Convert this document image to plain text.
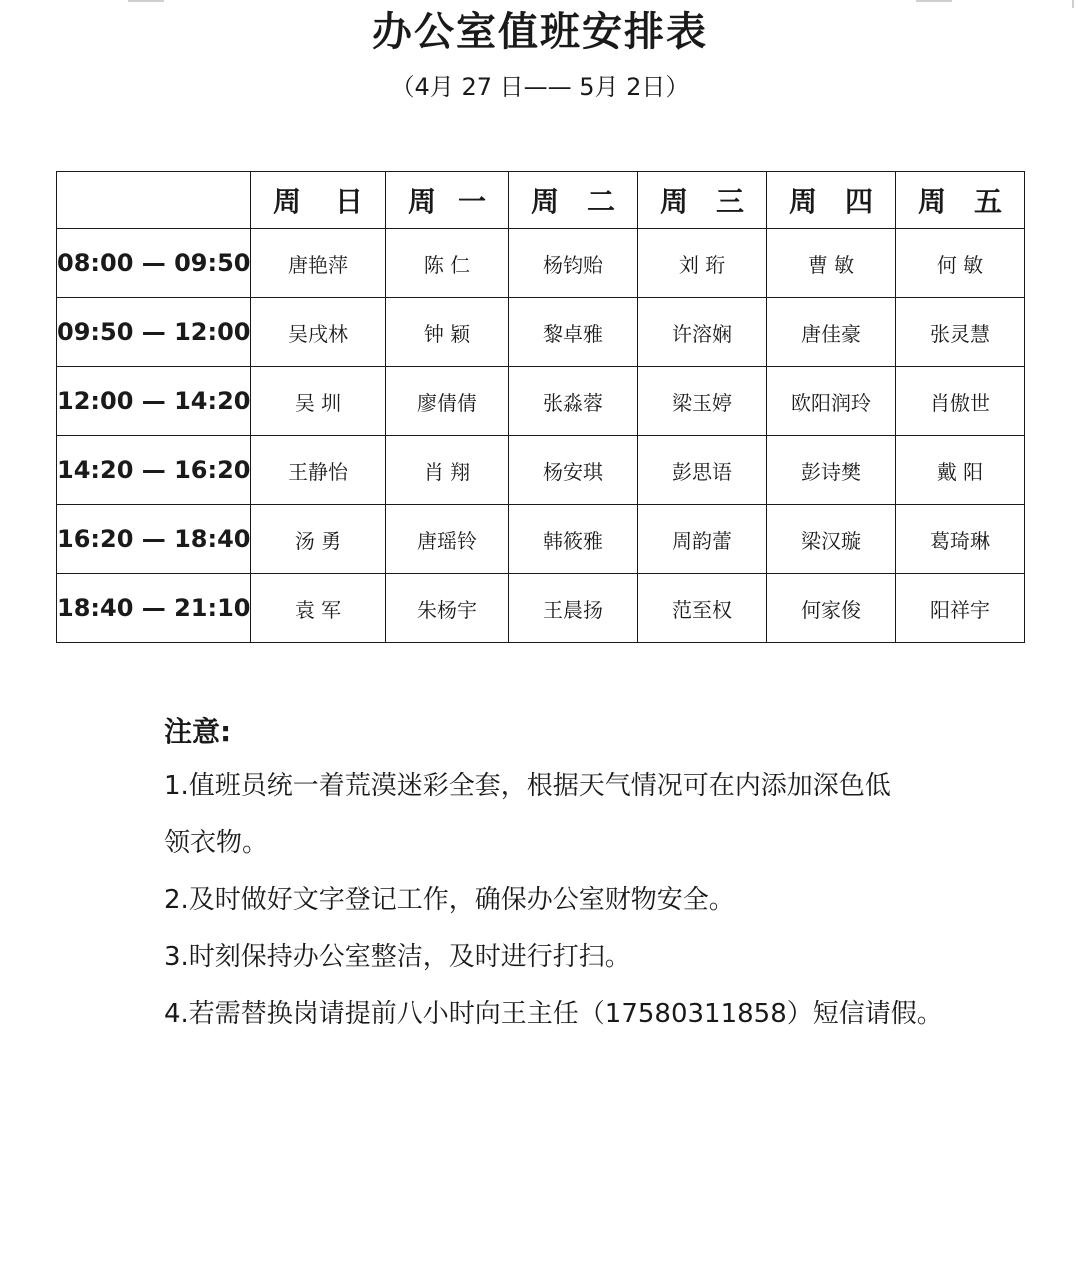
办公室值班安排表
（4月 27 日—— 5月 2日）

	周 日	周 一	周 二	周 三	周 四	周 五

08:00 — 09:50	唐艳萍	陈 仁	杨钧贻	刘 珩	曹 敏	何 敏
09:50 — 12:00	吴戌林	钟 颖	黎卓雅	许溶娴	唐佳豪	张灵慧
12:00 — 14:20	吴 圳	廖倩倩	张淼蓉	梁玉婷	欧阳润玲	肖傲世
14:20 — 16:20	王静怡	肖 翔	杨安琪	彭思语	彭诗樊	戴 阳
16:20 — 18:40	汤 勇	唐瑶铃	韩筱雅	周韵蕾	梁汉璇	葛琦琳
18:40 — 21:10	袁 军	朱杨宇	王晨扬	范至权	何家俊	阳祥宇
注意:
1.值班员统一着荒漠迷彩全套，根据天气情况可在内添加深色低
领衣物。
2.及时做好文字登记工作，确保办公室财物安全。
3.时刻保持办公室整洁，及时进行打扫。
4.若需替换岗请提前八小时向王主任（17580311858）短信请假。
